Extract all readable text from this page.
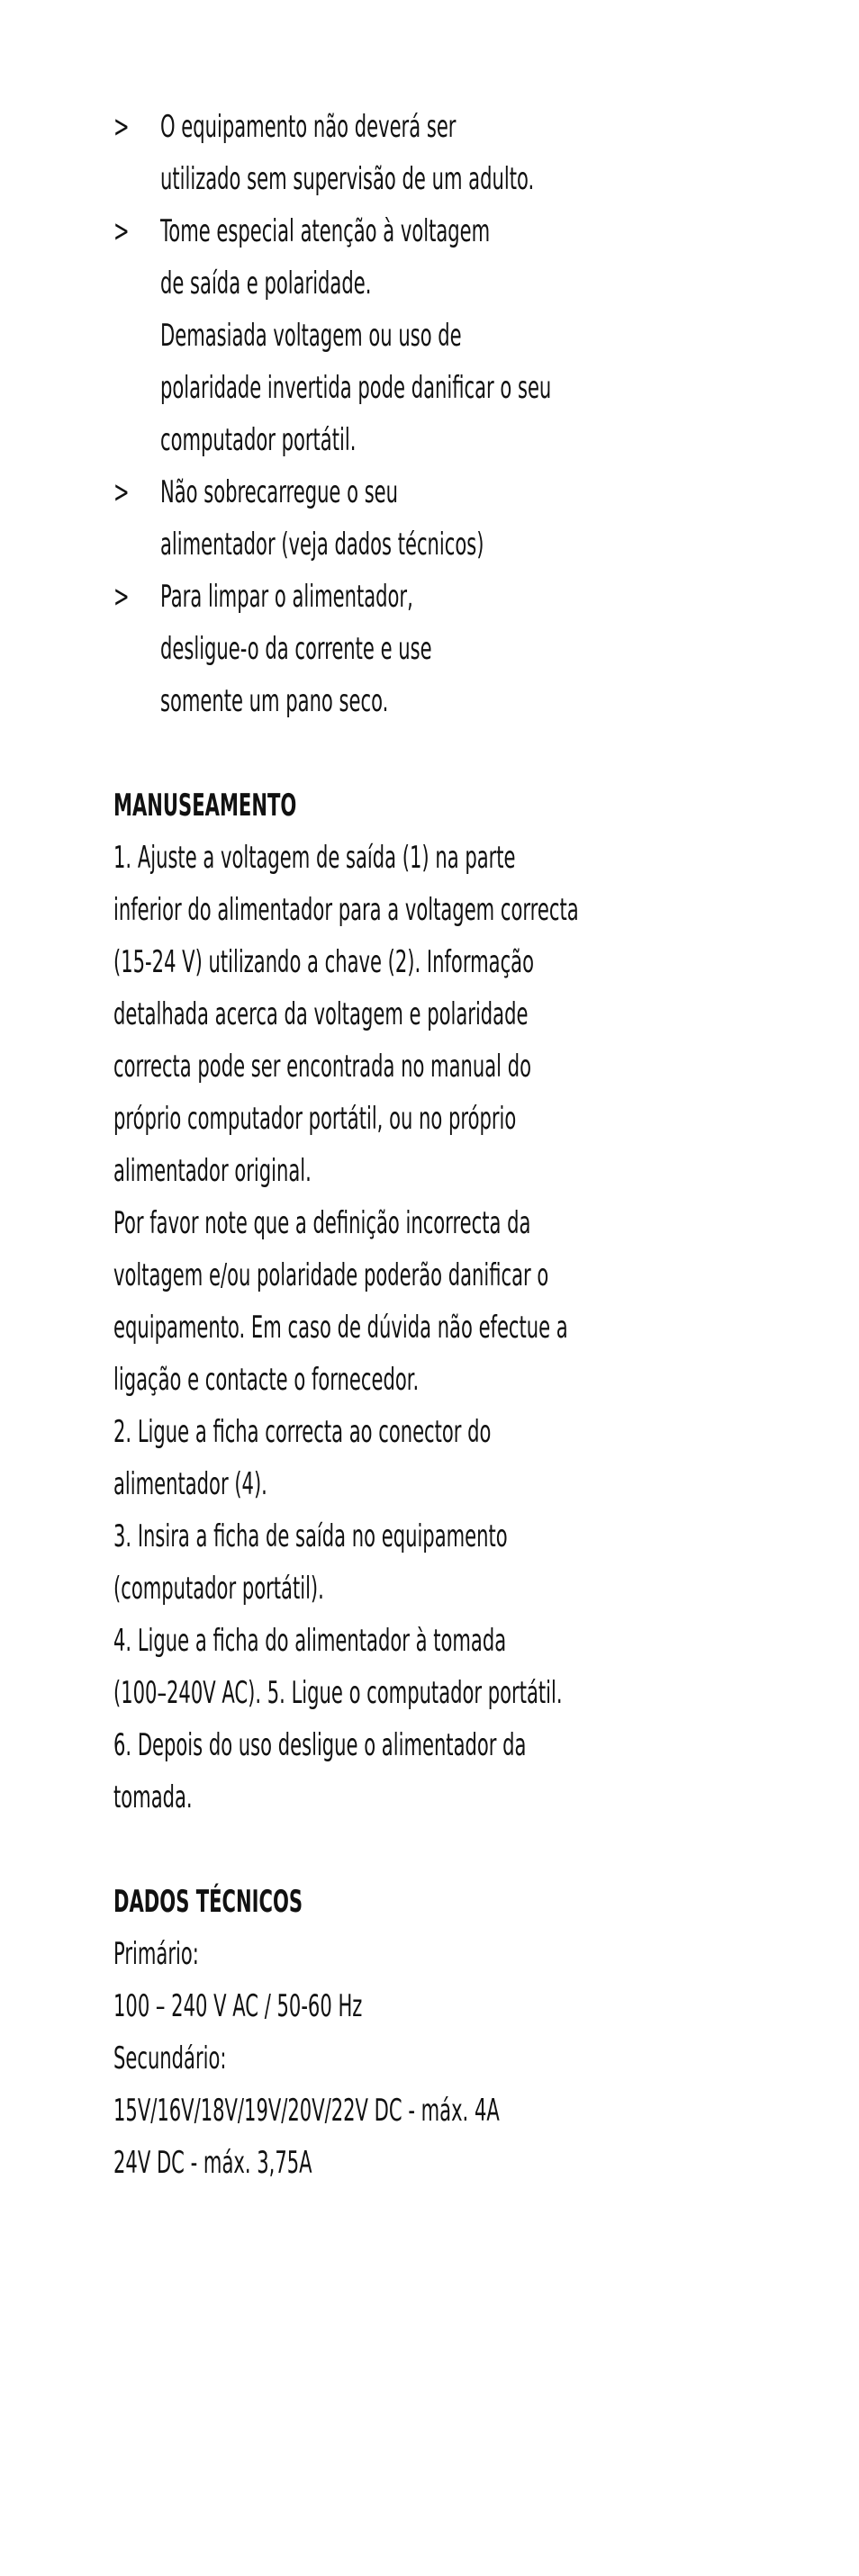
>	O equipamento não deverá ser
utilizado sem supervisão de um adulto.
>	Tome especial atenção à voltagem
de saída e polaridade.
Demasiada voltagem ou uso de
polaridade invertida pode danificar o seu
computador portátil.
>	Não sobrecarregue o seu
alimentador (veja dados técnicos)
>	Para limpar o alimentador,
desligue-o da corrente e use
somente um pano seco.
MANUSEAMENTO
1. Ajuste a voltagem de saída (1) na parte
inferior do alimentador para a voltagem correcta
(15-24 V) utilizando a chave (2). Informação
detalhada acerca da voltagem e polaridade
correcta pode ser encontrada no manual do
próprio computador portátil, ou no próprio
alimentador original.
Por favor note que a definição incorrecta da
voltagem e/ou polaridade poderão danificar o
equipamento. Em caso de dúvida não efectue a
ligação e contacte o fornecedor.
2. Ligue a ficha correcta ao conector do
alimentador (4).
3. Insira a ficha de saída no equipamento
(computador portátil).
4. Ligue a ficha do alimentador à tomada
(100–240V AC). 5. Ligue o computador portátil.
6. Depois do uso desligue o alimentador da
tomada.
DADOS TÉCNICOS
Primário:
100 – 240 V AC / 50-60 Hz
Secundário:
15V/16V/18V/19V/20V/22V DC - máx. 4A
24V DC - máx. 3,75A
